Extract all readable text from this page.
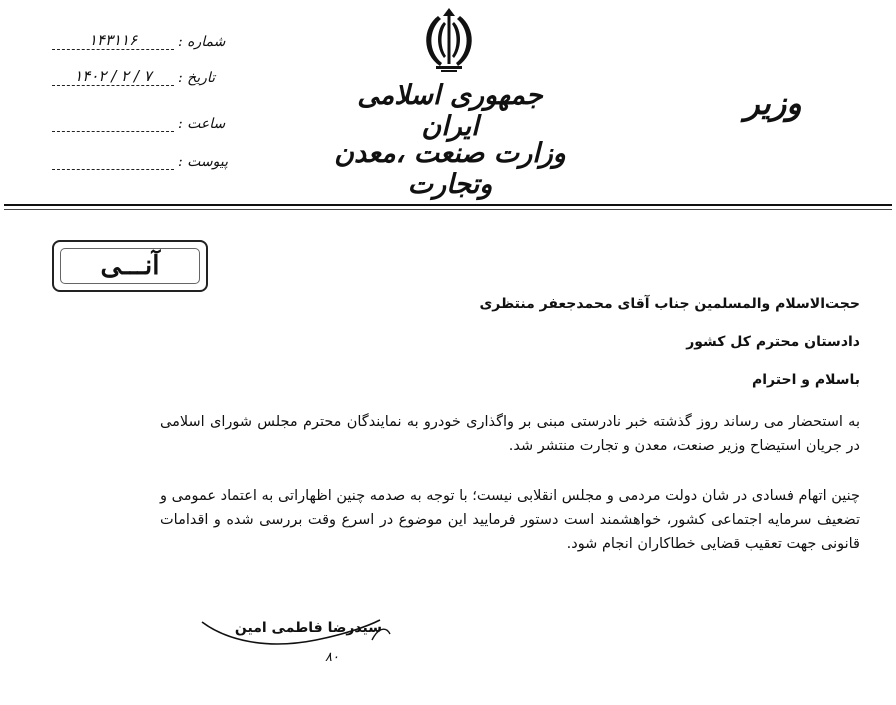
۱۴۳۱۱۶	شماره :
۱۴۰۲ / ۲ / ۷	تاریخ :
ساعت :
پیوست :
جمهوری اسلامی ایران
وزارت صنعت ،معدن وتجارت
وزیر
آنـــی
حجت‌الاسلام والمسلمین جناب آقای محمدجعفر منتظری
دادستان محترم کل کشور
باسلام و احترام
به استحضار می رساند روز گذشته خبر نادرستی مبنی بر واگذاری خودرو به نمایندگان محترم مجلس شورای اسلامی در جریان استیضاح وزیر صنعت، معدن و تجارت منتشر شد.
چنین اتهام فسادی در شان دولت مردمی و مجلس انقلابی نیست؛ با توجه به صدمه چنین اظهاراتی به اعتماد عمومی و تضعیف سرمایه اجتماعی کشور، خواهشمند است دستور فرمایید این موضوع در اسرع وقت بررسی شده و اقدامات قانونی جهت تعقیب قضایی خطاکاران انجام شود.
سیدرضا فاطمی امین
۸۰
